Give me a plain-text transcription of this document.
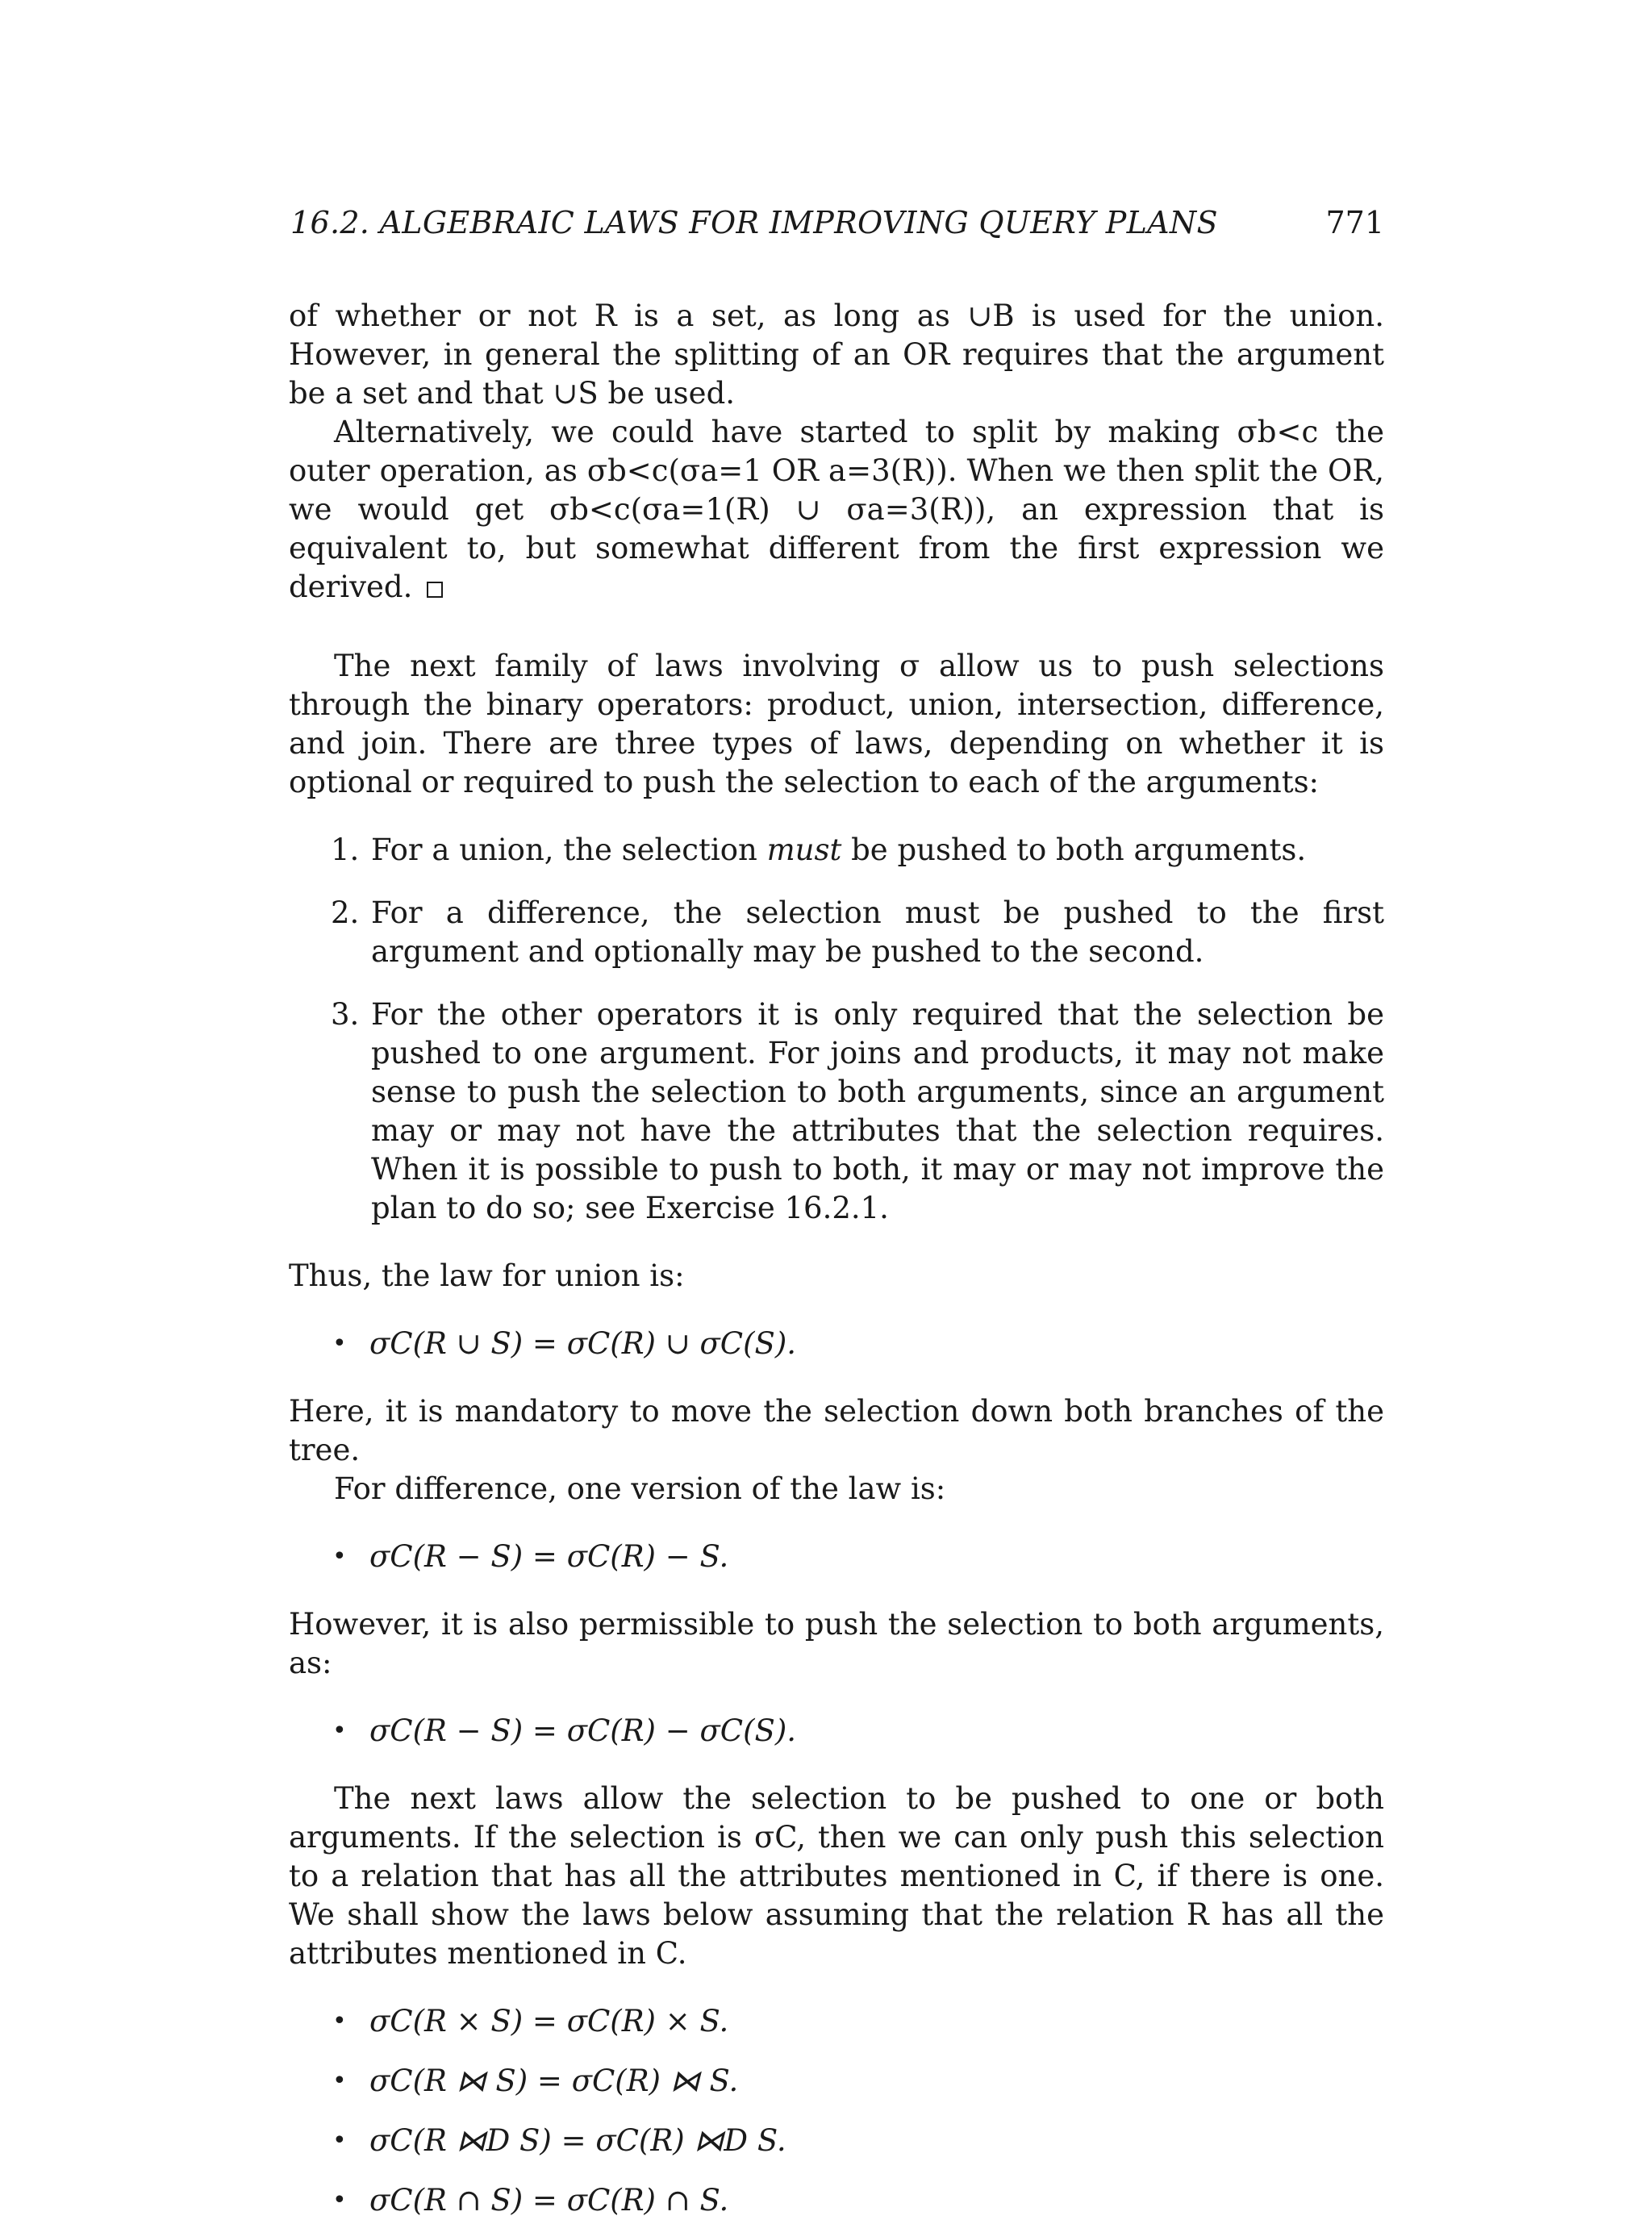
16.2. ALGEBRAIC LAWS FOR IMPROVING QUERY PLANS	771

of whether or not R is a set, as long as ∪B is used for the union. However, in general the splitting of an OR requires that the argument be a set and that ∪S be used.

Alternatively, we could have started to split by making σb<c the outer operation, as σb<c(σa=1 OR a=3(R)). When we then split the OR, we would get σb<c(σa=1(R) ∪ σa=3(R)), an expression that is equivalent to, but somewhat different from the first expression we derived.

The next family of laws involving σ allow us to push selections through the binary operators: product, union, intersection, difference, and join. There are three types of laws, depending on whether it is optional or required to push the selection to each of the arguments:

1. For a union, the selection must be pushed to both arguments.

2. For a difference, the selection must be pushed to the first argument and optionally may be pushed to the second.

3. For the other operators it is only required that the selection be pushed to one argument. For joins and products, it may not make sense to push the selection to both arguments, since an argument may or may not have the attributes that the selection requires. When it is possible to push to both, it may or may not improve the plan to do so; see Exercise 16.2.1.

Thus, the law for union is:

• σC(R ∪ S) = σC(R) ∪ σC(S).

Here, it is mandatory to move the selection down both branches of the tree.

For difference, one version of the law is:

• σC(R − S) = σC(R) − S.

However, it is also permissible to push the selection to both arguments, as:

• σC(R − S) = σC(R) − σC(S).

The next laws allow the selection to be pushed to one or both arguments. If the selection is σC, then we can only push this selection to a relation that has all the attributes mentioned in C, if there is one. We shall show the laws below assuming that the relation R has all the attributes mentioned in C.

• σC(R × S) = σC(R) × S.
• σC(R ⋈ S) = σC(R) ⋈ S.
• σC(R ⋈D S) = σC(R) ⋈D S.
• σC(R ∩ S) = σC(R) ∩ S.
